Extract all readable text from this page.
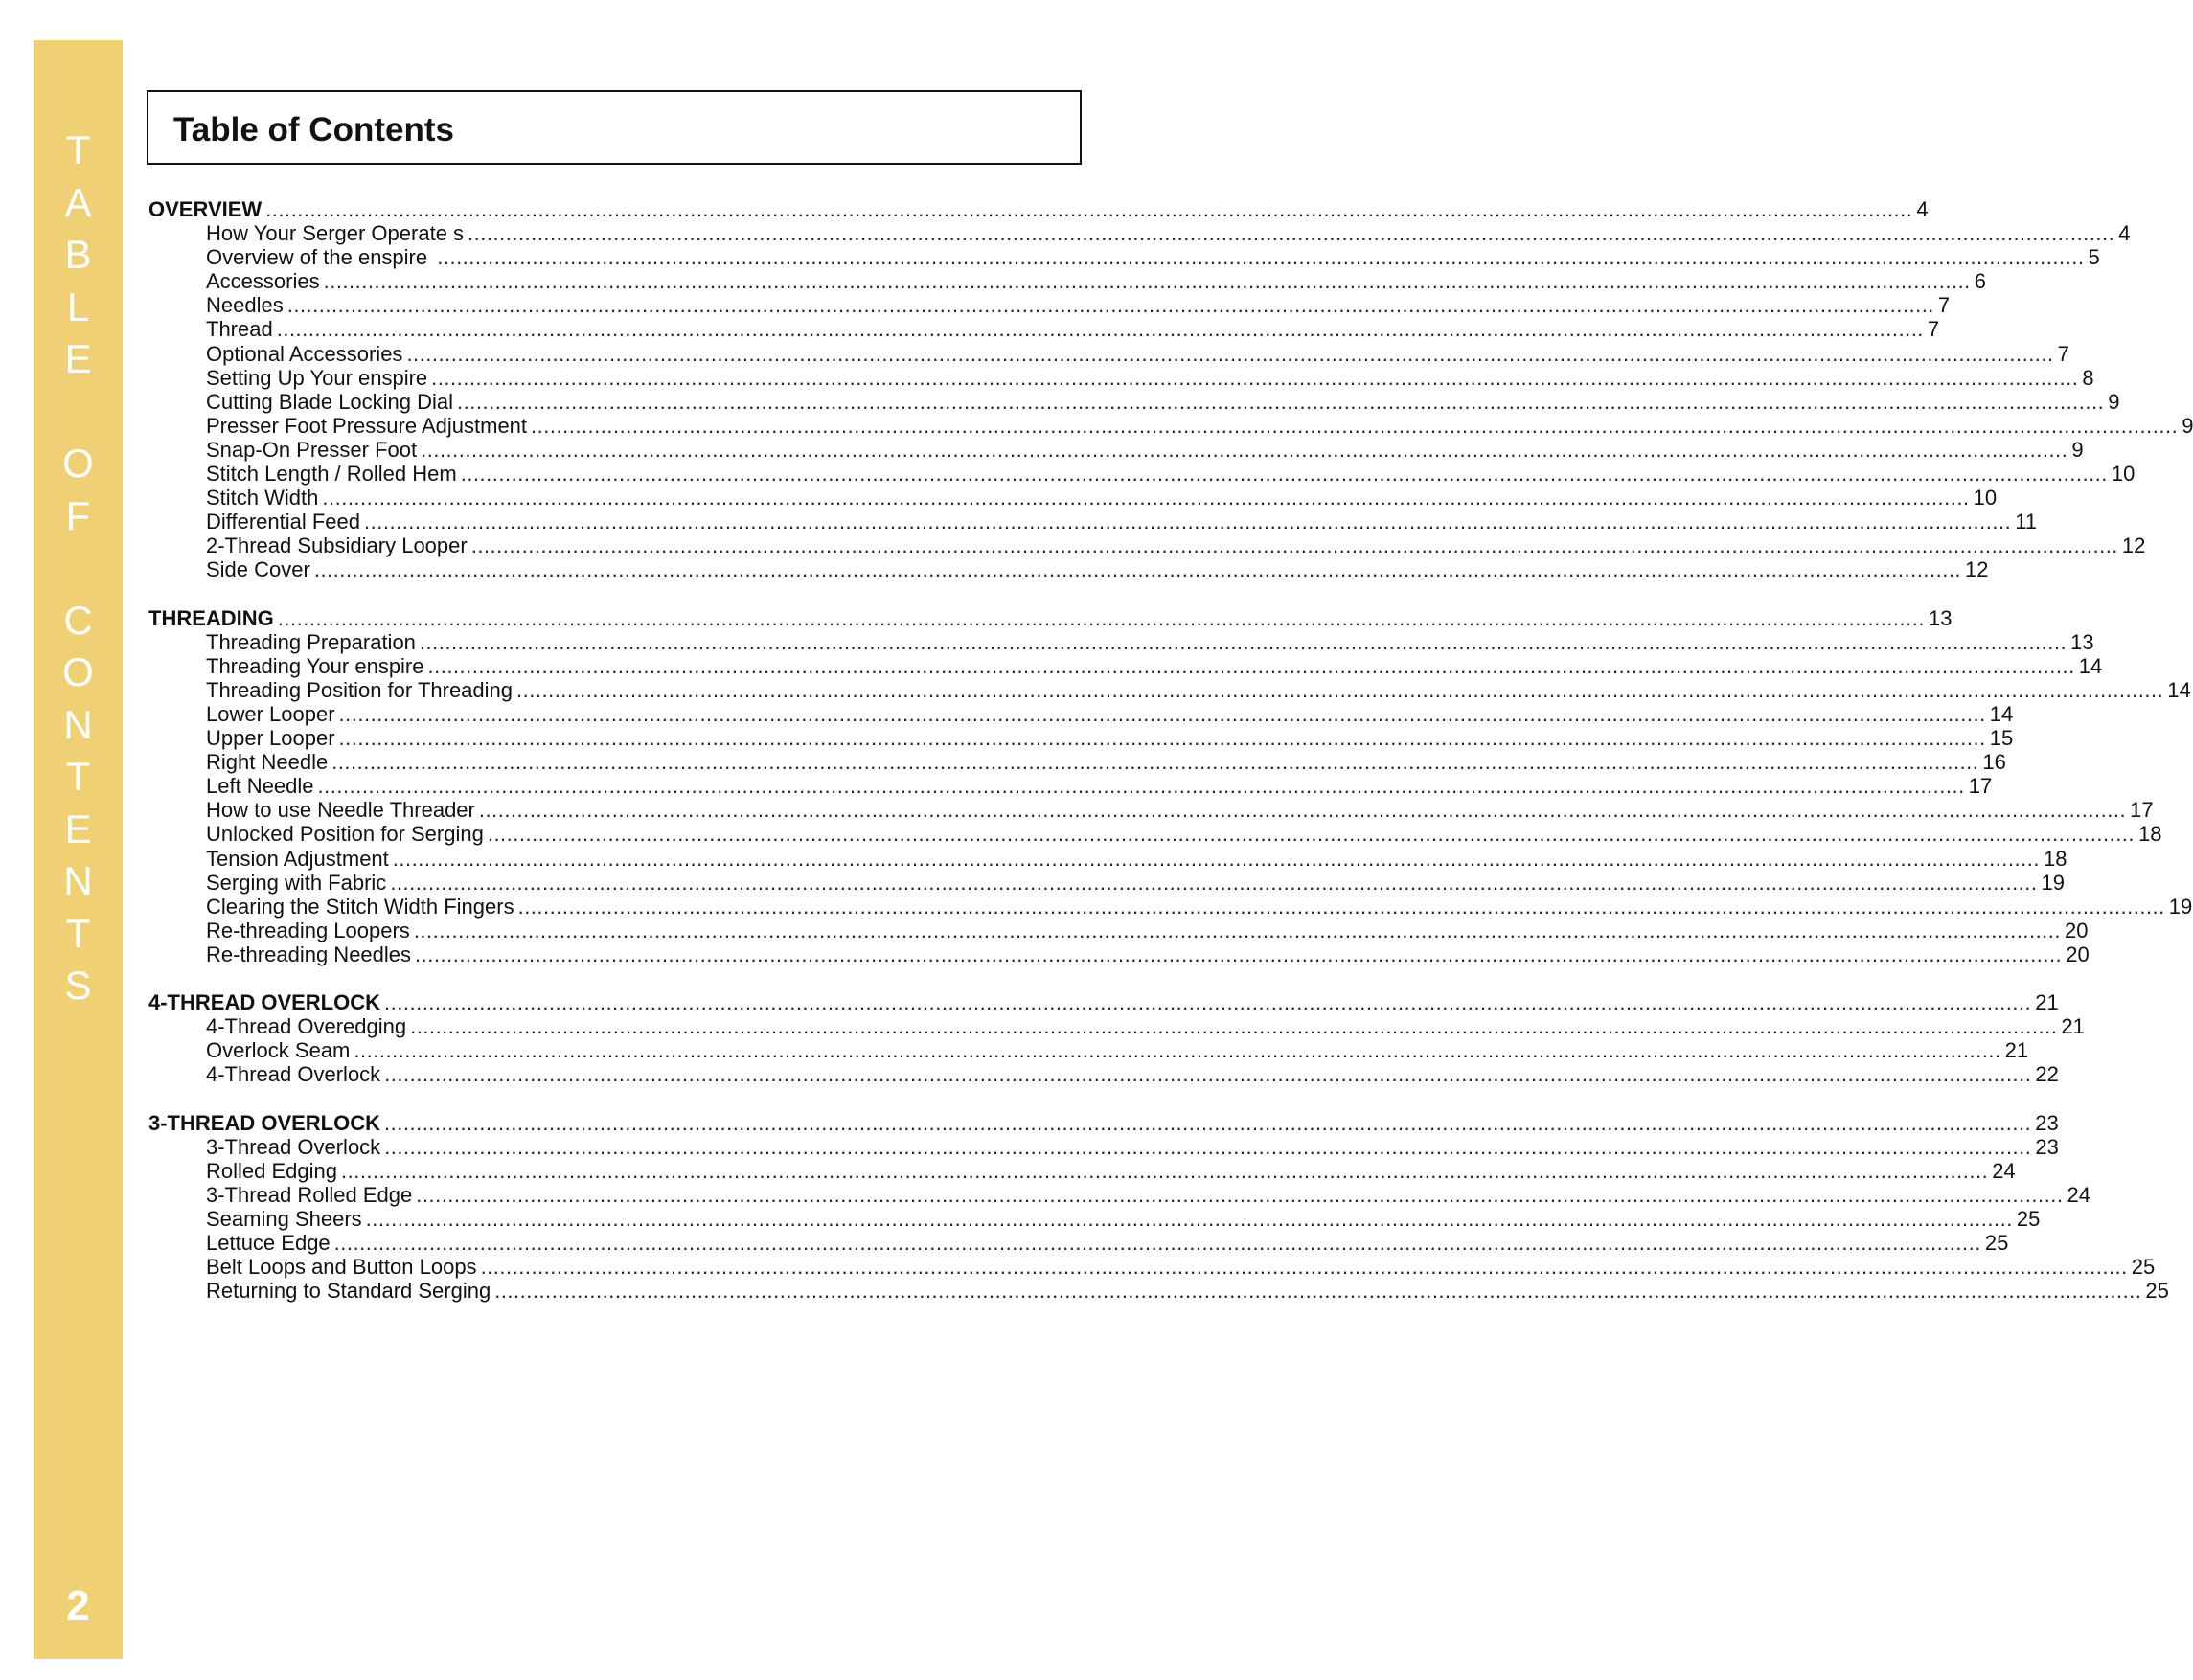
T
A
B
L
E
O
F
C
O
N
T
E
N
T
S
2
Table of Contents
OVERVIEW .................................................................................................................................................................................................................................................................... 4
How Your Serger Operate s .................................................................................................................................................................................................................................................................... 4
Overview of the enspire .................................................................................................................................................................................................................................................................... 5
Accessories .................................................................................................................................................................................................................................................................... 6
Needles .................................................................................................................................................................................................................................................................... 7
Thread .................................................................................................................................................................................................................................................................... 7
Optional Accessories .................................................................................................................................................................................................................................................................... 7
Setting Up Your enspire .................................................................................................................................................................................................................................................................... 8
Cutting Blade Locking Dial .................................................................................................................................................................................................................................................................... 9
Presser Foot Pressure Adjustment .................................................................................................................................................................................................................................................................... 9
Snap-On Presser Foot .................................................................................................................................................................................................................................................................... 9
Stitch Length / Rolled Hem .................................................................................................................................................................................................................................................................... 10
Stitch Width .................................................................................................................................................................................................................................................................... 10
Differential Feed .................................................................................................................................................................................................................................................................... 11
2-Thread Subsidiary Looper .................................................................................................................................................................................................................................................................... 12
Side Cover .................................................................................................................................................................................................................................................................... 12
THREADING .................................................................................................................................................................................................................................................................... 13
Threading Preparation .................................................................................................................................................................................................................................................................... 13
Threading Your enspire .................................................................................................................................................................................................................................................................... 14
Threading Position for Threading .................................................................................................................................................................................................................................................................... 14
Lower Looper .................................................................................................................................................................................................................................................................... 14
Upper Looper .................................................................................................................................................................................................................................................................... 15
Right Needle .................................................................................................................................................................................................................................................................... 16
Left Needle .................................................................................................................................................................................................................................................................... 17
How to use Needle Threader .................................................................................................................................................................................................................................................................... 17
Unlocked Position for Serging .................................................................................................................................................................................................................................................................... 18
Tension Adjustment .................................................................................................................................................................................................................................................................... 18
Serging with Fabric .................................................................................................................................................................................................................................................................... 19
Clearing the Stitch Width Fingers .................................................................................................................................................................................................................................................................... 19
Re-threading Loopers .................................................................................................................................................................................................................................................................... 20
Re-threading Needles .................................................................................................................................................................................................................................................................... 20
4-THREAD OVERLOCK .................................................................................................................................................................................................................................................................... 21
4-Thread Overedging .................................................................................................................................................................................................................................................................... 21
Overlock Seam .................................................................................................................................................................................................................................................................... 21
4-Thread Overlock .................................................................................................................................................................................................................................................................... 22
3-THREAD OVERLOCK .................................................................................................................................................................................................................................................................... 23
3-Thread Overlock .................................................................................................................................................................................................................................................................... 23
Rolled Edging .................................................................................................................................................................................................................................................................... 24
3-Thread Rolled Edge .................................................................................................................................................................................................................................................................... 24
Seaming Sheers .................................................................................................................................................................................................................................................................... 25
Lettuce Edge .................................................................................................................................................................................................................................................................... 25
Belt Loops and Button Loops .................................................................................................................................................................................................................................................................... 25
Returning to Standard Serging .................................................................................................................................................................................................................................................................... 25
